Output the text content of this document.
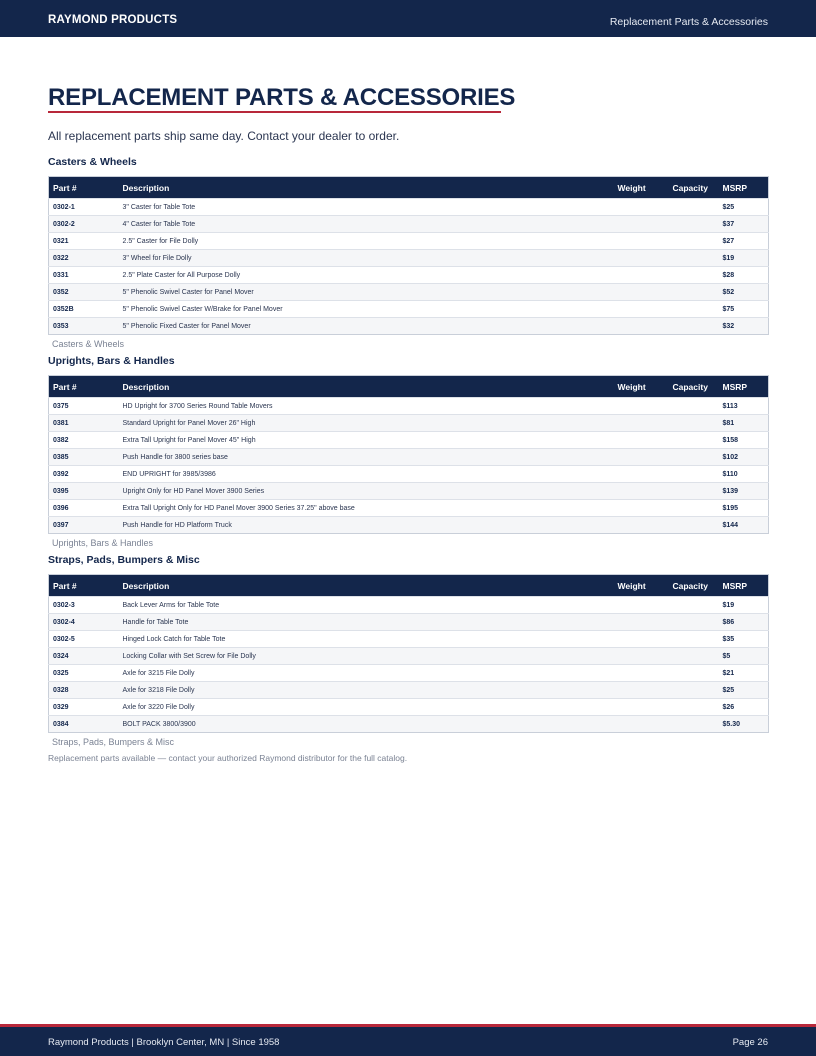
RAYMOND PRODUCTS	Replacement Parts & Accessories
REPLACEMENT PARTS & ACCESSORIES
All replacement parts ship same day. Contact your dealer to order.
Casters & Wheels
Part #	Description	Weight	Capacity	MSRP
0302-1	3" Caster for Table Tote			$25
0302-2	4" Caster for Table Tote			$37
0321	2.5" Caster for File Dolly			$27
0322	3" Wheel for File Dolly			$19
0331	2.5" Plate Caster for All Purpose Dolly			$28
0352	5" Phenolic Swivel Caster for Panel Mover			$52
0352B	5" Phenolic Swivel Caster W/Brake for Panel Mover			$75
0353	5" Phenolic Fixed Caster for Panel Mover			$32
Casters & Wheels
Uprights, Bars & Handles
Part #	Description	Weight	Capacity	MSRP
0375	HD Upright for 3700 Series Round Table Movers			$113
0381	Standard Upright for Panel Mover 26" High			$81
0382	Extra Tall Upright for Panel Mover 45" High			$158
0385	Push Handle for 3800 series base			$102
0392	END UPRIGHT for 3985/3986			$110
0395	Upright Only for HD Panel Mover 3900 Series			$139
0396	Extra Tall Upright Only for HD Panel Mover 3900 Series 37.25" above base			$195
0397	Push Handle for HD Platform Truck			$144
Uprights, Bars & Handles
Straps, Pads, Bumpers & Misc
Part #	Description	Weight	Capacity	MSRP
0302-3	Back Lever Arms for Table Tote			$19
0302-4	Handle for Table Tote			$86
0302-5	Hinged Lock Catch for Table Tote			$35
0324	Locking Collar with Set Screw for File Dolly			$5
0325	Axle for 3215 File Dolly			$21
0328	Axle for 3218 File Dolly			$25
0329	Axle for 3220 File Dolly			$26
0384	BOLT PACK 3800/3900			$5.30
Straps, Pads, Bumpers & Misc
Replacement parts available — contact your authorized Raymond distributor for the full catalog.
Raymond Products | Brooklyn Center, MN | Since 1958	Page 26
